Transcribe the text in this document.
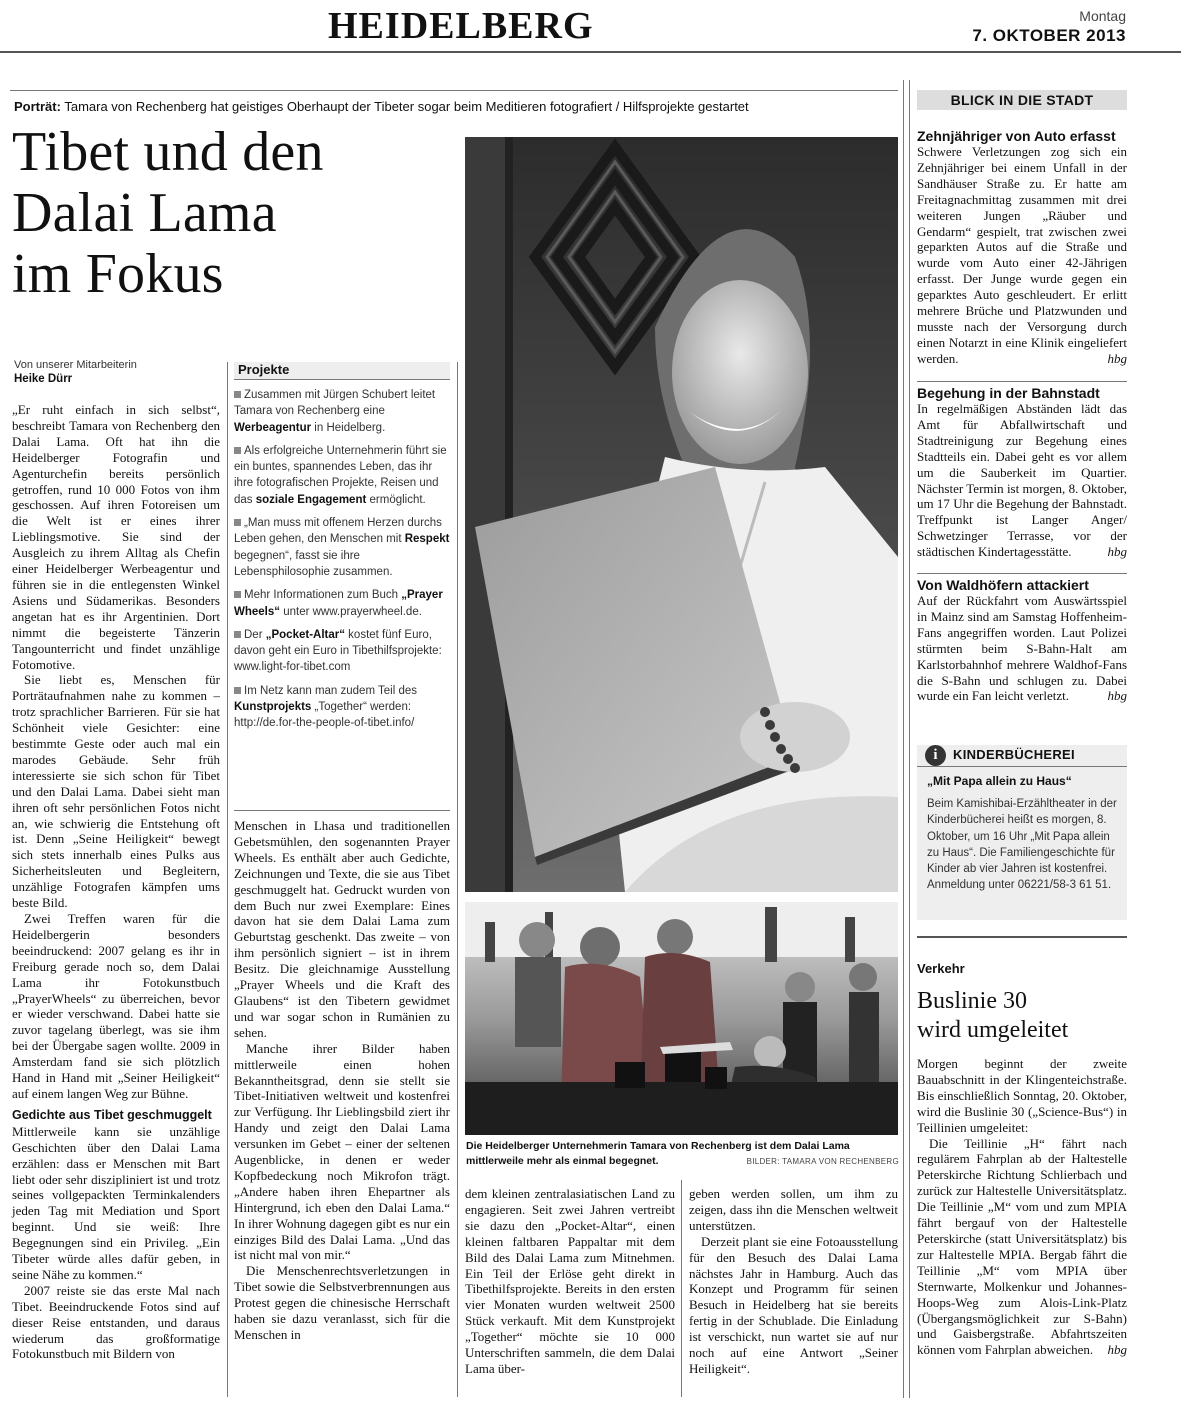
HEIDELBERG	Montag
7. OKTOBER 2013
Porträt: Tamara von Rechenberg hat geistiges Oberhaupt der Tibeter sogar beim Meditieren fotografiert / Hilfsprojekte gestartet
Tibet und den
Dalai Lama
im Fokus
Von unserer Mitarbeiterin
Heike Dürr

„Er ruht einfach in sich selbst“, beschreibt Tamara von Rechenberg den Dalai Lama. Oft hat ihn die Heidelberger Fotografin und Agenturchefin bereits persönlich getroffen, rund 10 000 Fotos von ihm geschossen. Auf ihren Fotoreisen um die Welt ist er eines ihrer Lieblingsmotive. Sie sind der Ausgleich zu ihrem Alltag als Chefin einer Heidelberger Werbeagentur und führen sie in die entlegensten Winkel Asiens und Südamerikas. Besonders angetan hat es ihr Argentinien. Dort nimmt die begeisterte Tänzerin Tangounterricht und findet unzählige Fotomotive.

Sie liebt es, Menschen für Porträtaufnahmen nahe zu kommen – trotz sprachlicher Barrieren. Für sie hat Schönheit viele Gesichter: eine bestimmte Geste oder auch mal ein marodes Gebäude. Sehr früh interessierte sie sich schon für Tibet und den Dalai Lama. Dabei sieht man ihren oft sehr persönlichen Fotos nicht an, wie schwierig die Entstehung oft ist. Denn „Seine Heiligkeit“ bewegt sich stets innerhalb eines Pulks aus Sicherheitsleuten und Begleitern, unzählige Fotografen kämpfen ums beste Bild.

Zwei Treffen waren für die Heidelbergerin besonders beeindruckend: 2007 gelang es ihr in Freiburg gerade noch so, dem Dalai Lama ihr Fotokunstbuch „PrayerWheels“ zu überreichen, bevor er wieder verschwand. Dabei hatte sie zuvor tagelang überlegt, was sie ihm bei der Übergabe sagen wollte. 2009 in Amsterdam fand sie sich plötzlich Hand in Hand mit „Seiner Heiligkeit“ auf einem langen Weg zur Bühne.

Gedichte aus Tibet geschmuggelt

Mittlerweile kann sie unzählige Geschichten über den Dalai Lama erzählen: dass er Menschen mit Bart liebt oder sehr diszipliniert ist und trotz seines vollgepackten Terminkalenders jeden Tag mit Mediation und Sport beginnt. Und sie weiß: Ihre Begegnungen sind ein Privileg. „Ein Tibeter würde alles dafür geben, in seine Nähe zu kommen.“

2007 reiste sie das erste Mal nach Tibet. Beeindruckende Fotos sind auf dieser Reise entstanden, und daraus wiederum das großformatige Fotokunstbuch mit Bildern von

Projekte
Zusammen mit Jürgen Schubert leitet Tamara von Rechenberg eine Werbeagentur in Heidelberg.
Als erfolgreiche Unternehmerin führt sie ein buntes, spannendes Leben, das ihr ihre fotografischen Projekte, Reisen und das soziale Engagement ermöglicht.
„Man muss mit offenem Herzen durchs Leben gehen, den Menschen mit Respekt begegnen“, fasst sie ihre Lebensphilosophie zusammen.
Mehr Informationen zum Buch „Prayer Wheels“ unter www.prayerwheel.de.
Der „Pocket-Altar“ kostet fünf Euro, davon geht ein Euro in Tibethilfsprojekte: www.light-for-tibet.com
Im Netz kann man zudem Teil des Kunstprojekts „Together“ werden: http://de.for-the-people-of-tibet.info/

Menschen in Lhasa und traditionellen Gebetsmühlen, den sogenannten Prayer Wheels. Es enthält aber auch Gedichte, Zeichnungen und Texte, die sie aus Tibet geschmuggelt hat. Gedruckt wurden von dem Buch nur zwei Exemplare: Eines davon hat sie dem Dalai Lama zum Geburtstag geschenkt. Das zweite – von ihm persönlich signiert – ist in ihrem Besitz. Die gleichnamige Ausstellung „Prayer Wheels und die Kraft des Glaubens“ ist den Tibetern gewidmet und war sogar schon in Rumänien zu sehen.

Manche ihrer Bilder haben mittlerweile einen hohen Bekanntheitsgrad, denn sie stellt sie Tibet-Initiativen weltweit und kostenfrei zur Verfügung. Ihr Lieblingsbild ziert ihr Handy und zeigt den Dalai Lama versunken im Gebet – einer der seltenen Augenblicke, in denen er weder Kopfbedeckung noch Mikrofon trägt. „Andere haben ihren Ehepartner als Hintergrund, ich eben den Dalai Lama.“ In ihrer Wohnung dagegen gibt es nur ein einziges Bild des Dalai Lama. „Und das ist nicht mal von mir.“

Die Menschenrechtsverletzungen in Tibet sowie die Selbstverbrennungen aus Protest gegen die chinesische Herrschaft haben sie dazu veranlasst, sich für die Menschen in

Die Heidelberger Unternehmerin Tamara von Rechenberg ist dem Dalai Lama mittlerweile mehr als einmal begegnet.	BILDER: TAMARA VON RECHENBERG

dem kleinen zentralasiatischen Land zu engagieren. Seit zwei Jahren vertreibt sie dazu den „Pocket-Altar“, einen kleinen faltbaren Pappaltar mit dem Bild des Dalai Lama zum Mitnehmen. Ein Teil der Erlöse geht direkt in Tibethilfsprojekte. Bereits in den ersten vier Monaten wurden weltweit 2500 Stück verkauft. Mit dem Kunstprojekt „Together“ möchte sie 10 000 Unterschriften sammeln, die dem Dalai Lama über-

geben werden sollen, um ihm zu zeigen, dass ihn die Menschen weltweit unterstützen.

Derzeit plant sie eine Fotoausstellung für den Besuch des Dalai Lama nächstes Jahr in Hamburg. Auch das Konzept und Programm für seinen Besuch in Heidelberg hat sie bereits fertig in der Schublade. Die Einladung ist verschickt, nun wartet sie auf nur noch auf eine Antwort „Seiner Heiligkeit“.

BLICK IN DIE STADT
Zehnjähriger von Auto erfasst
Schwere Verletzungen zog sich ein Zehnjähriger bei einem Unfall in der Sandhäuser Straße zu. Er hatte am Freitagnachmittag zusammen mit drei weiteren Jungen „Räuber und Gendarm“ gespielt, trat zwischen zwei geparkten Autos auf die Straße und wurde vom Auto einer 42-Jährigen erfasst. Der Junge wurde gegen ein geparktes Auto geschleudert. Er erlitt mehrere Brüche und Platzwunden und musste nach der Versorgung durch einen Notarzt in eine Klinik eingeliefert werden.	hbg
Begehung in der Bahnstadt
In regelmäßigen Abständen lädt das Amt für Abfallwirtschaft und Stadtreinigung zur Begehung eines Stadtteils ein. Dabei geht es vor allem um die Sauberkeit im Quartier. Nächster Termin ist morgen, 8. Oktober, um 17 Uhr die Begehung der Bahnstadt. Treffpunkt ist Langer Anger/ Schwetzinger Terrasse, vor der städtischen Kindertagesstätte.	hbg
Von Waldhöfern attackiert
Auf der Rückfahrt vom Auswärtsspiel in Mainz sind am Samstag Hoffenheim-Fans angegriffen worden. Laut Polizei stürmten beim S-Bahn-Halt am Karlstorbahnhof mehrere Waldhof-Fans die S-Bahn und schlugen zu. Dabei wurde ein Fan leicht verletzt.	hbg
i	KINDERBÜCHEREI
„Mit Papa allein zu Haus“
Beim Kamishibai-Erzähltheater in der Kinderbücherei heißt es morgen, 8. Oktober, um 16 Uhr „Mit Papa allein zu Haus“. Die Familiengeschichte für Kinder ab vier Jahren ist kostenfrei. Anmeldung unter 06221/58-3 61 51.
Verkehr
Buslinie 30
wird umgeleitet

Morgen beginnt der zweite Bauabschnitt in der Klingenteichstraße. Bis einschließlich Sonntag, 20. Oktober, wird die Buslinie 30 („Science-Bus“) in Teillinien umgeleitet:

Die Teillinie „H“ fährt nach regulärem Fahrplan ab der Haltestelle Peterskirche Richtung Schlierbach und zurück zur Haltestelle Universitätsplatz. Die Teillinie „M“ vom und zum MPIA fährt bergauf von der Haltestelle Peterskirche (statt Universitätsplatz) bis zur Haltestelle MPIA. Bergab fährt die Teillinie „M“ vom MPIA über Sternwarte, Molkenkur und Johannes-Hoops-Weg zum Alois-Link-Platz (Übergangsmöglichkeit zur S-Bahn) und Gaisbergstraße. Abfahrtszeiten können vom Fahrplan abweichen.	hbg
